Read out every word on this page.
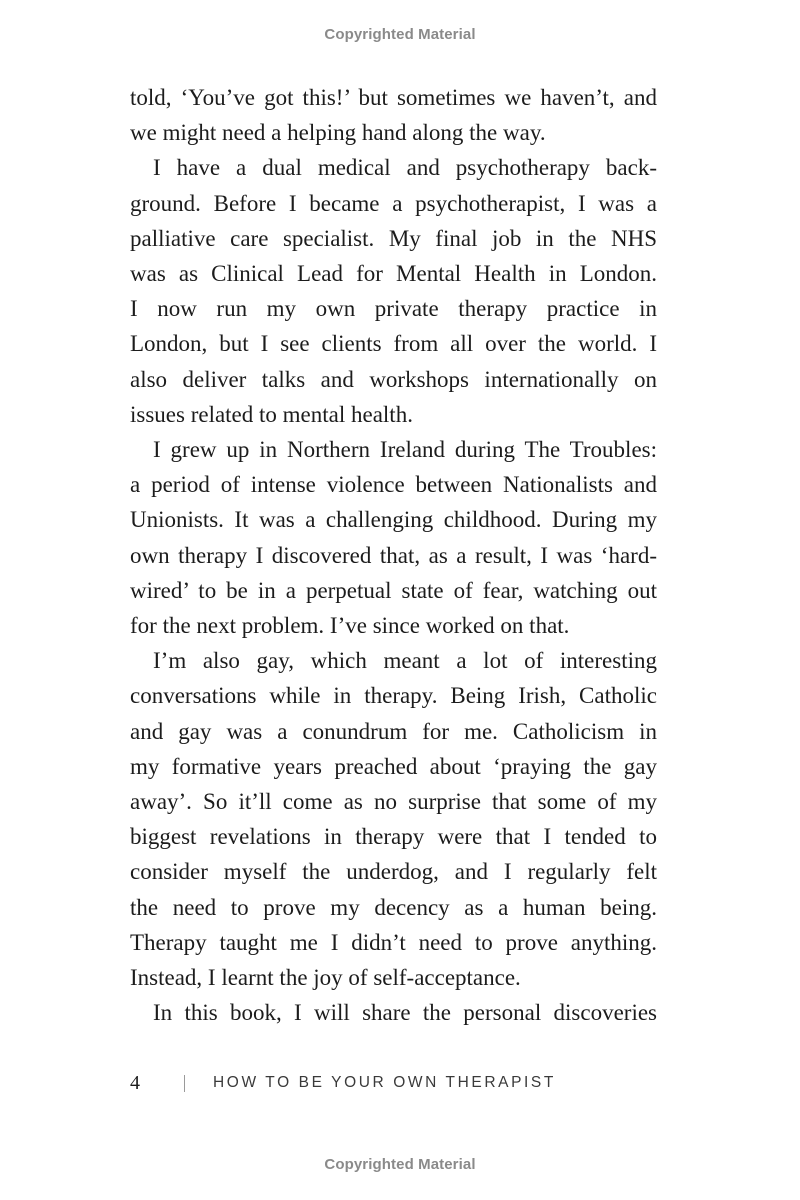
Copyrighted Material
told, ‘You’ve got this!’ but sometimes we haven’t, and
we might need a helping hand along the way.
I have a dual medical and psychotherapy back-
ground. Before I became a psychotherapist, I was a
palliative care specialist. My final job in the NHS
was as Clinical Lead for Mental Health in London.
I now run my own private therapy practice in
London, but I see clients from all over the world. I
also deliver talks and workshops internationally on
issues related to mental health.
I grew up in Northern Ireland during The Troubles:
a period of intense violence between Nationalists and
Unionists. It was a challenging childhood. During my
own therapy I discovered that, as a result, I was ‘hard-
wired’ to be in a perpetual state of fear, watching out
for the next problem. I’ve since worked on that.
I’m also gay, which meant a lot of interesting
conversations while in therapy. Being Irish, Catholic
and gay was a conundrum for me. Catholicism in
my formative years preached about ‘praying the gay
away’. So it’ll come as no surprise that some of my
biggest revelations in therapy were that I tended to
consider myself the underdog, and I regularly felt
the need to prove my decency as a human being.
Therapy taught me I didn’t need to prove anything.
Instead, I learnt the joy of self-acceptance.
In this book, I will share the personal discoveries
4	HOW TO BE YOUR OWN THERAPIST
Copyrighted Material
